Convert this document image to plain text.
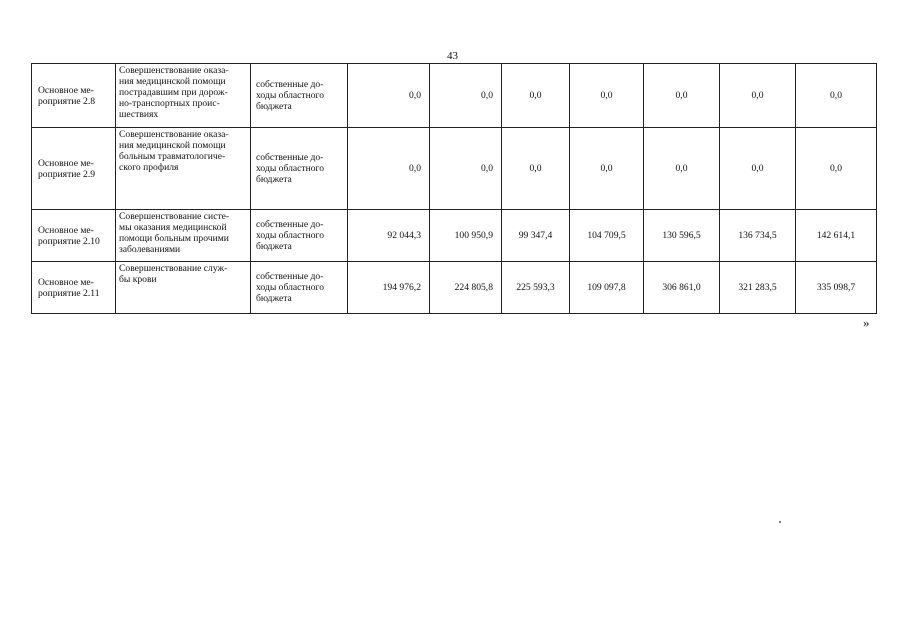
43
Основное ме-
роприятие 2.8	Совершенствование оказа-
ния медицинской помощи
пострадавшим при дорож-
но-транспортных проис-
шествиях	собственные до-
ходы областного
бюджета	0,0	0,0	0,0	0,0	0,0	0,0	0,0

Основное ме-
роприятие 2.9	Совершенствование оказа-
ния медицинской помощи
больным травматологиче-
ского профиля	собственные до-
ходы областного
бюджета	0,0	0,0	0,0	0,0	0,0	0,0	0,0

Основное ме-
роприятие 2.10	Совершенствование систе-
мы оказания медицинской
помощи больным прочими
заболеваниями	собственные до-
ходы областного
бюджета	92 044,3	100 950,9	99 347,4	104 709,5	130 596,5	136 734,5	142 614,1

Основное ме-
роприятие 2.11	Совершенствование служ-
бы крови	собственные до-
ходы областного
бюджета	194 976,2	224 805,8	225 593,3	109 097,8	306 861,0	321 283,5	335 098,7
»
